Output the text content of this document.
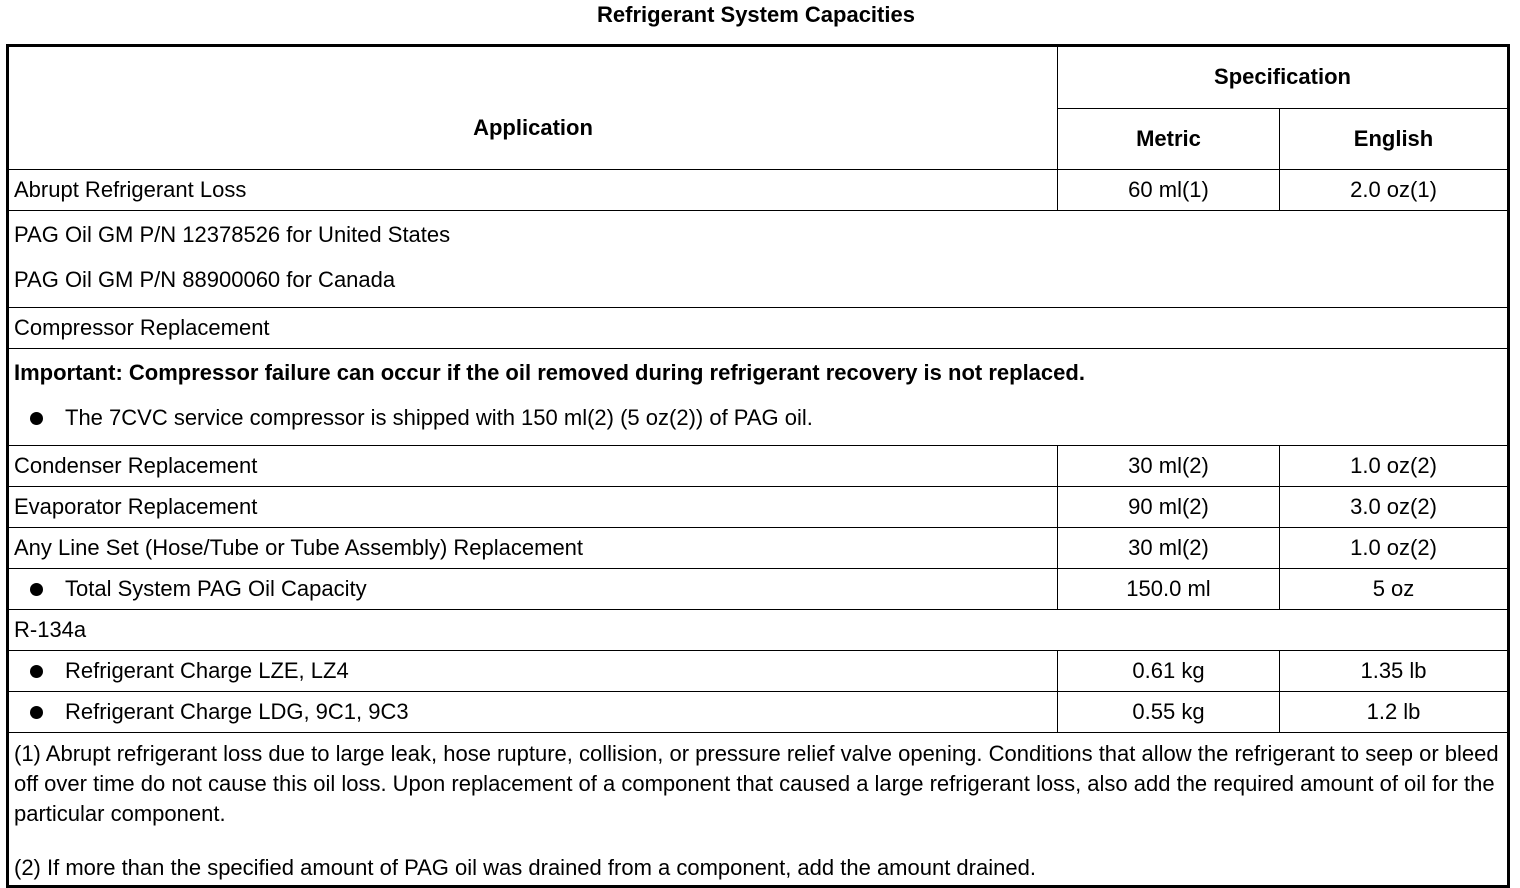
Refrigerant System Capacities
Application	Specification	
	Metric	English
Abrupt Refrigerant Loss	60 ml(1)	2.0 oz(1)

PAG Oil GM P/N 12378526 for United States

PAG Oil GM P/N 88900060 for Canada		

Compressor Replacement		

Important: Compressor failure can occur if the oil removed during refrigerant recovery is not replaced.

The 7CVC service compressor is shipped with 150 ml(2) (5 oz(2)) of PAG oil.		

Condenser Replacement	30 ml(2)	1.0 oz(2)
Evaporator Replacement	90 ml(2)	3.0 oz(2)
Any Line Set (Hose/Tube or Tube Assembly) Replacement	30 ml(2)	1.0 oz(2)

Total System PAG Oil Capacity	150.0 ml	5 oz
R-134a		

Refrigerant Charge LZE, LZ4	0.61 kg	1.35 lb

Refrigerant Charge LDG, 9C1, 9C3	0.55 kg	1.2 lb

(1) Abrupt refrigerant loss due to large leak, hose rupture, collision, or pressure relief valve opening. Conditions that allow the refrigerant to seep or bleed off over time do not cause this oil loss. Upon replacement of a component that caused a large refrigerant loss, also add the required amount of oil for the particular component.

(2) If more than the specified amount of PAG oil was drained from a component, add the amount drained.		
